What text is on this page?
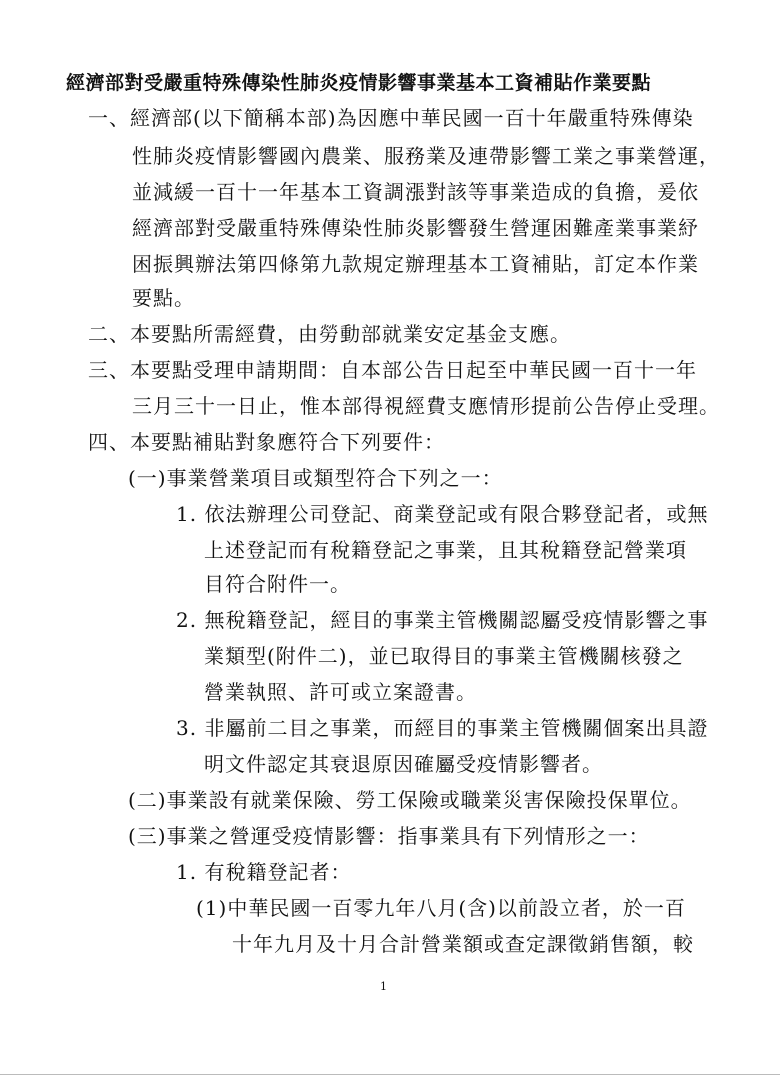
經濟部對受嚴重特殊傳染性肺炎疫情影響事業基本工資補貼作業要點
一、經濟部(以下簡稱本部)為因應中華民國一百十年嚴重特殊傳染
性肺炎疫情影響國內農業、服務業及連帶影響工業之事業營運，
並減緩一百十一年基本工資調漲對該等事業造成的負擔，爰依
經濟部對受嚴重特殊傳染性肺炎影響發生營運困難產業事業紓
困振興辦法第四條第九款規定辦理基本工資補貼，訂定本作業
要點。
二、本要點所需經費，由勞動部就業安定基金支應。
三、本要點受理申請期間：自本部公告日起至中華民國一百十一年
三月三十一日止，惟本部得視經費支應情形提前公告停止受理。
四、本要點補貼對象應符合下列要件：
(一)事業營業項目或類型符合下列之一：
1. 依法辦理公司登記、商業登記或有限合夥登記者，或無
上述登記而有稅籍登記之事業，且其稅籍登記營業項
目符合附件一。
2. 無稅籍登記，經目的事業主管機關認屬受疫情影響之事
業類型(附件二)，並已取得目的事業主管機關核發之
營業執照、許可或立案證書。
3. 非屬前二目之事業，而經目的事業主管機關個案出具證
明文件認定其衰退原因確屬受疫情影響者。
(二)事業設有就業保險、勞工保險或職業災害保險投保單位。
(三)事業之營運受疫情影響：指事業具有下列情形之一：
1. 有稅籍登記者：
(1)中華民國一百零九年八月(含)以前設立者，於一百
十年九月及十月合計營業額或查定課徵銷售額，較
1
